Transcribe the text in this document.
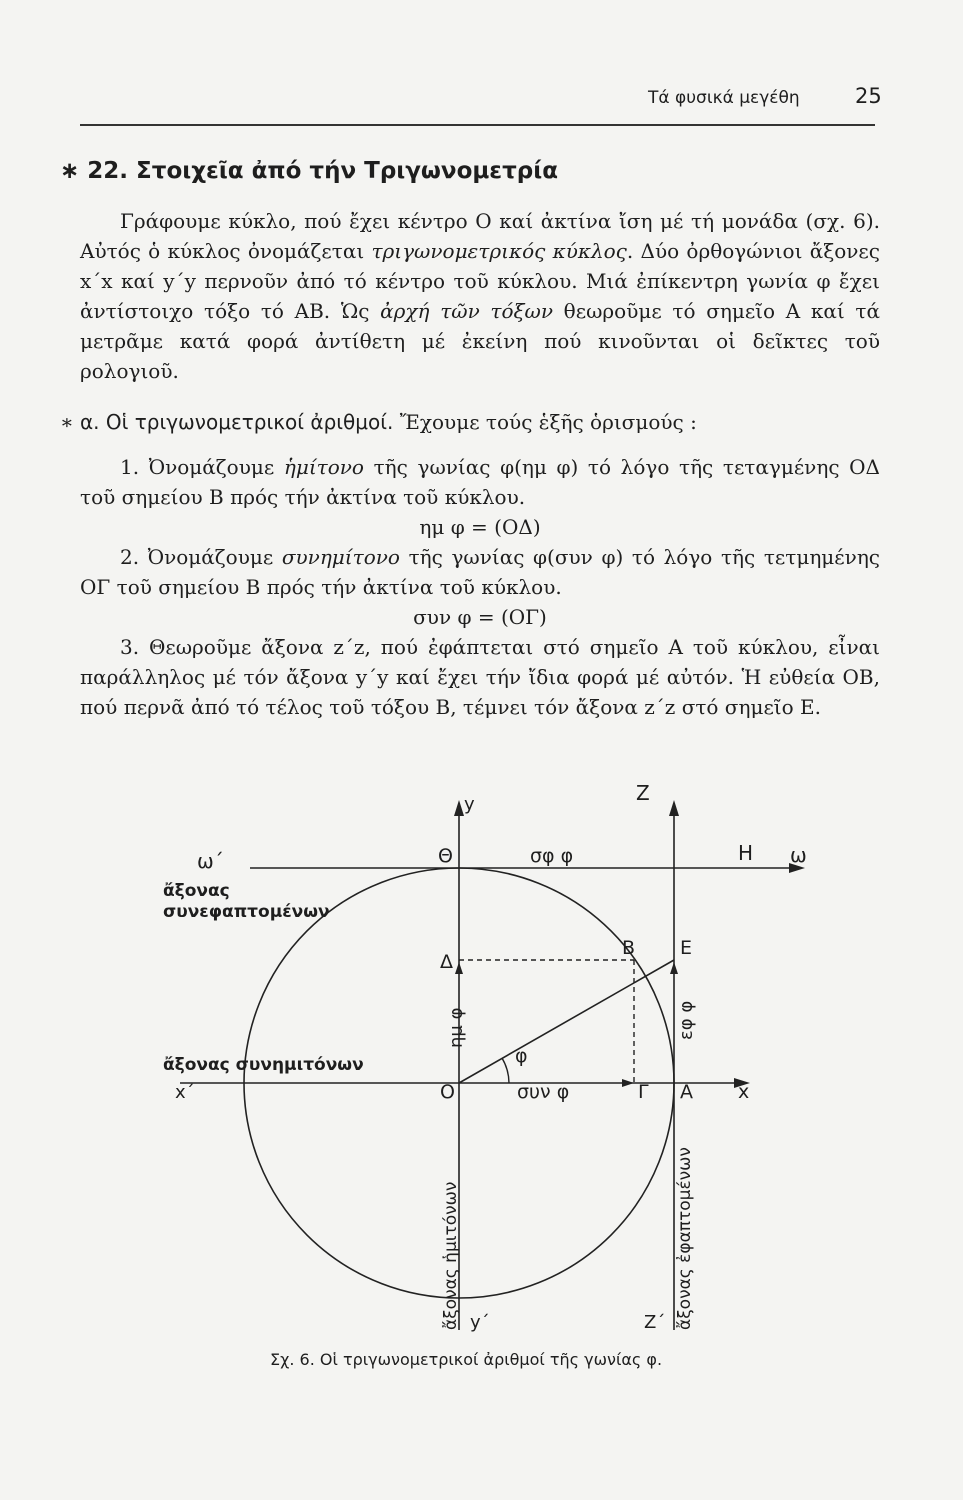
Τά φυσικά μεγέθη	25
∗ 22. Στοιχεῖα ἀπό τήν Τριγωνομετρία

Γράφουμε κύκλο, πού ἔχει κέντρο Ο καί ἀκτίνα ἴση μέ τή μονάδα (σχ. 6). Αὐτός ὁ κύκλος ὀνομάζεται τριγωνομετρικός κύκλος. Δύο ὀρθογώνιοι ἄξονες x΄x καί y΄y περνοῦν ἀπό τό κέντρο τοῦ κύκλου. Μιά ἐπίκεντρη γωνία φ ἔχει ἀντίστοιχο τόξο τό ΑΒ. Ὡς ἀρχή τῶν τόξων θεωροῦμε τό σημεῖο Α καί τά μετρᾶμε κατά φορά ἀντίθετη μέ ἐκείνη πού κινοῦνται οἱ δεῖκτες τοῦ ρολογιοῦ.

∗ α. Οἱ τριγωνομετρικοί ἀριθμοί. Ἔχουμε τούς ἑξῆς ὁρισμούς :

1. Ὀνομάζουμε ἡμίτονο τῆς γωνίας φ(ημ φ) τό λόγο τῆς τεταγμένης ΟΔ τοῦ σημείου Β πρός τήν ἀκτίνα τοῦ κύκλου.

ημ φ = (ΟΔ)

2. Ὀνομάζουμε συνημίτονο τῆς γωνίας φ(συν φ) τό λόγο τῆς τετμημένης ΟΓ τοῦ σημείου Β πρός τήν ἀκτίνα τοῦ κύκλου.

συν φ = (ΟΓ)

3. Θεωροῦμε ἄξονα z΄z, πού ἐφάπτεται στό σημεῖο Α τοῦ κύκλου, εἶναι παράλληλος μέ τόν ἄξονα y΄y καί ἔχει τήν ἴδια φορά μέ αὐτόν. Ἡ εὐθεία ΟΒ, πού περνᾶ ἀπό τό τέλος τοῦ τόξου Β, τέμνει τόν ἄξονα z΄z στό σημεῖο Ε.

y	Z
Θ	σφ φ	Η ω
ω΄
ἄξονας
συνεφαπτομένων
Β Ε
Δ
ημ φ	εφ φ
φ
ἄξονας συνημιτόνων
x΄	Ο	συν φ	Γ Α x
ἄξονας ἡμιτόνων	ἄξονας ἐφαπτομένων
y΄	Ζ΄
Σχ. 6. Οἱ τριγωνομετρικοί ἀριθμοί τῆς γωνίας φ.
